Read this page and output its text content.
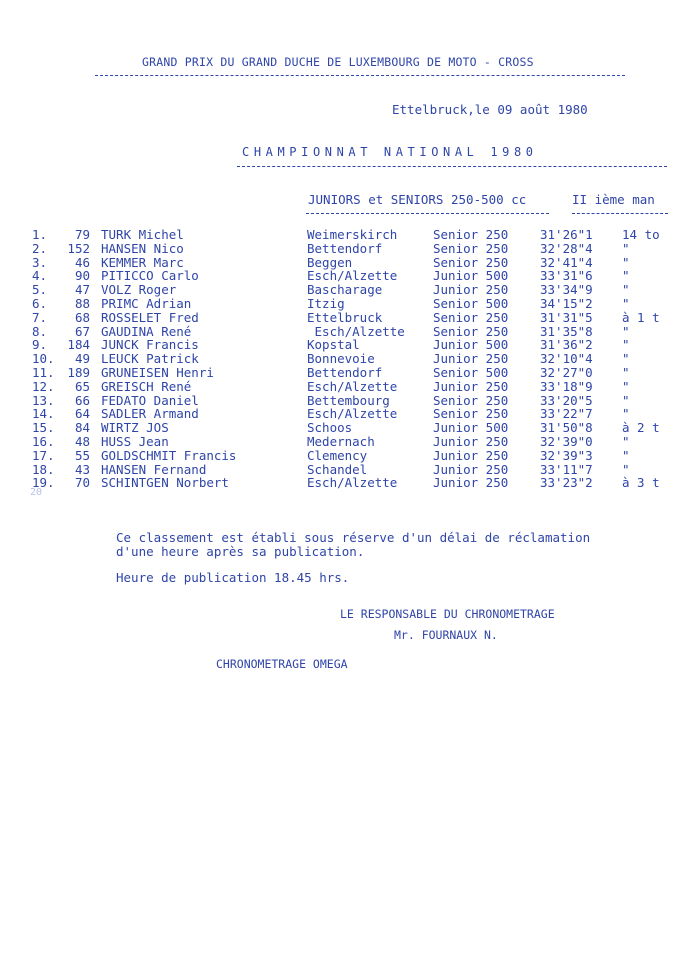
GRAND PRIX DU GRAND DUCHE DE LUXEMBOURG DE MOTO - CROSS
Ettelbruck,le 09 août 1980
CHAMPIONNAT NATIONAL 1980
JUNIORS et SENIORS 250-500 cc	II ième man
1.	79 TURK Michel	Weimerskirch	Senior 250	31'26"1 14 to
2.	152 HANSEN Nico	Bettendorf	Senior 250	32'28"4 "
3.	46 KEMMER Marc	Beggen	Senior 250	32'41"4 "
4.	90 PITICCO Carlo	Esch/Alzette	Junior 500	33'31"6 "
5.	47 VOLZ Roger	Bascharage	Junior 250	33'34"9 "
6.	88 PRIMC Adrian	Itzig	Senior 500	34'15"2 "
7.	68 ROSSELET Fred	Ettelbruck	Senior 250	31'31"5 à 1 t
8.	67 GAUDINA René	Esch/Alzette Senior 250	31'35"8 "
9.	184 JUNCK Francis	Kopstal	Junior 500	31'36"2 "
10.	49 LEUCK Patrick	Bonnevoie	Junior 250	32'10"4 "
11.	189 GRUNEISEN Henri	Bettendorf	Senior 500	32'27"0 "
12.	65 GREISCH René	Esch/Alzette	Junior 250	33'18"9 "
13.	66 FEDATO Daniel	Bettembourg	Senior 250	33'20"5 "
14.	64 SADLER Armand	Esch/Alzette	Senior 250	33'22"7 "
15.	84 WIRTZ JOS	Schoos	Junior 500	31'50"8 à 2 t
16.	48 HUSS Jean	Medernach	Junior 250	32'39"0 "
17.	55 GOLDSCHMIT Francis	Clemency	Junior 250	32'39"3 "
18.	43 HANSEN Fernand	Schandel	Junior 250	33'11"7 "
19.	70 SCHINTGEN Norbert	Esch/Alzette	Junior 250	33'23"2 à 3 t
20
Ce classement est établi sous réserve d'un délai de réclamation
d'une heure après sa publication.
Heure de publication 18.45 hrs.
LE RESPONSABLE DU CHRONOMETRAGE
Mr. FOURNAUX N.
CHRONOMETRAGE OMEGA
